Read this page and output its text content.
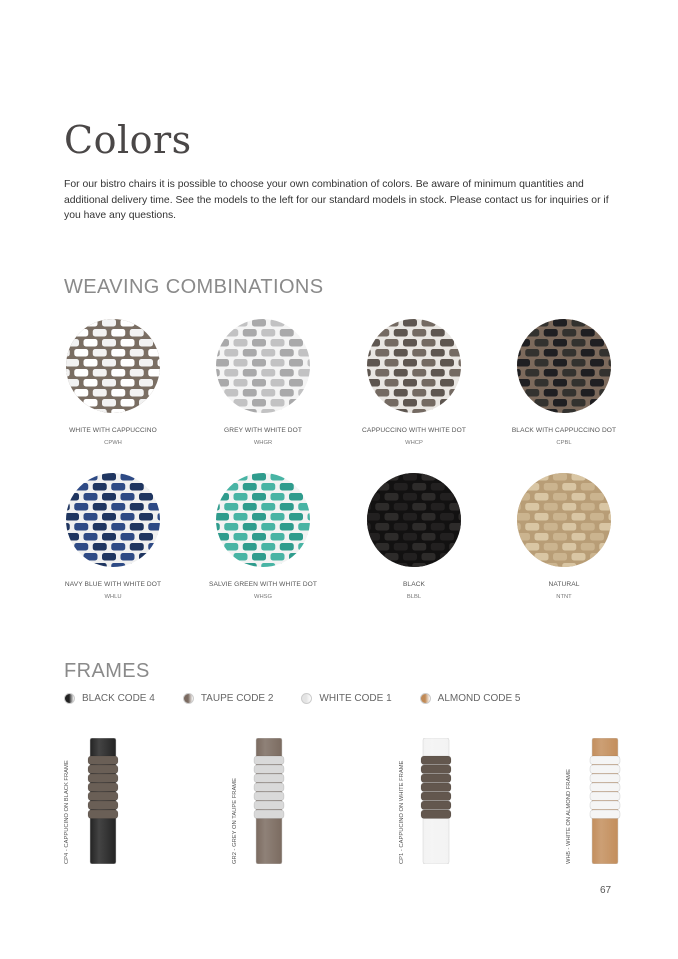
Colors

For our bistro chairs it is possible to choose your own combination of colors. Be aware of minimum quantities and additional delivery time. See the models to the left for our standard models in stock. Please contact us for inquiries or if you have any questions.

WEAVING COMBINATIONS
WHITE WITH CAPPUCCINO
CPWH
GREY WITH WHITE DOT
WHGR
CAPPUCCINO WITH WHITE DOT
WHCP
BLACK WITH CAPPUCCINO DOT
CPBL
NAVY BLUE WITH WHITE DOT
WHLU
SALVIE GREEN WITH WHITE DOT
WHSG
BLACK
BLBL
NATURAL
NTNT
FRAMES
BLACK CODE 4	TAUPE CODE 2	WHITE CODE 1	ALMOND CODE 5
CP4 - CAPPUCINO ON BLACK FRAME	GR2 - GREY ON TAUPE FRAME	CP1 - CAPPUCINO ON WHITE FRAME	WH5 - WHITE ON ALMOND FRAME
67
